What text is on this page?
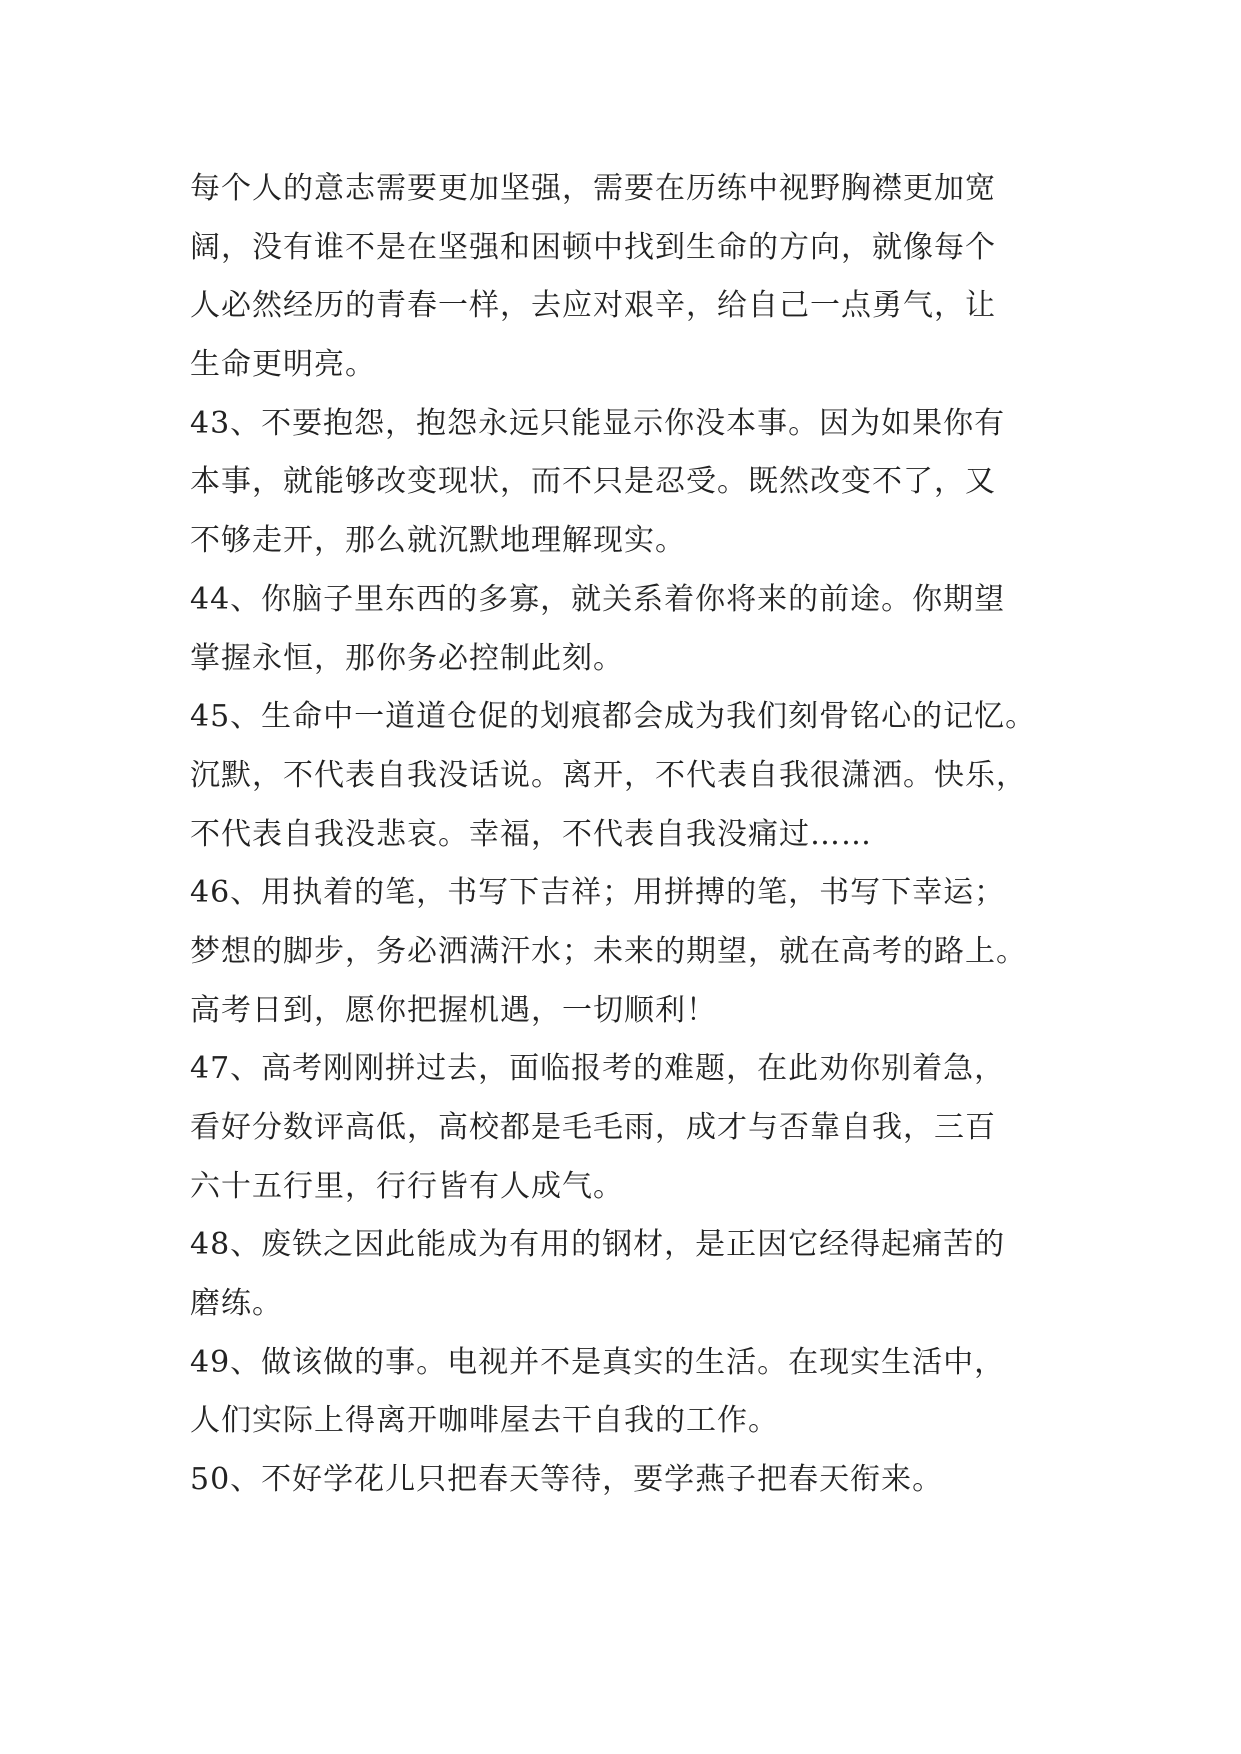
每个人的意志需要更加坚强，需要在历练中视野胸襟更加宽
阔，没有谁不是在坚强和困顿中找到生命的方向，就像每个
人必然经历的青春一样，去应对艰辛，给自己一点勇气，让
生命更明亮。
43、不要抱怨，抱怨永远只能显示你没本事。因为如果你有
本事，就能够改变现状，而不只是忍受。既然改变不了，又
不够走开，那么就沉默地理解现实。
44、你脑子里东西的多寡，就关系着你将来的前途。你期望
掌握永恒，那你务必控制此刻。
45、生命中一道道仓促的划痕都会成为我们刻骨铭心的记忆。
沉默，不代表自我没话说。离开，不代表自我很潇洒。快乐，
不代表自我没悲哀。幸福，不代表自我没痛过……
46、用执着的笔，书写下吉祥；用拼搏的笔，书写下幸运；
梦想的脚步，务必洒满汗水；未来的期望，就在高考的路上。
高考日到，愿你把握机遇，一切顺利！
47、高考刚刚拼过去，面临报考的难题，在此劝你别着急，
看好分数评高低，高校都是毛毛雨，成才与否靠自我，三百
六十五行里，行行皆有人成气。
48、废铁之因此能成为有用的钢材，是正因它经得起痛苦的
磨练。
49、做该做的事。电视并不是真实的生活。在现实生活中，
人们实际上得离开咖啡屋去干自我的工作。
50、不好学花儿只把春天等待，要学燕子把春天衔来。
